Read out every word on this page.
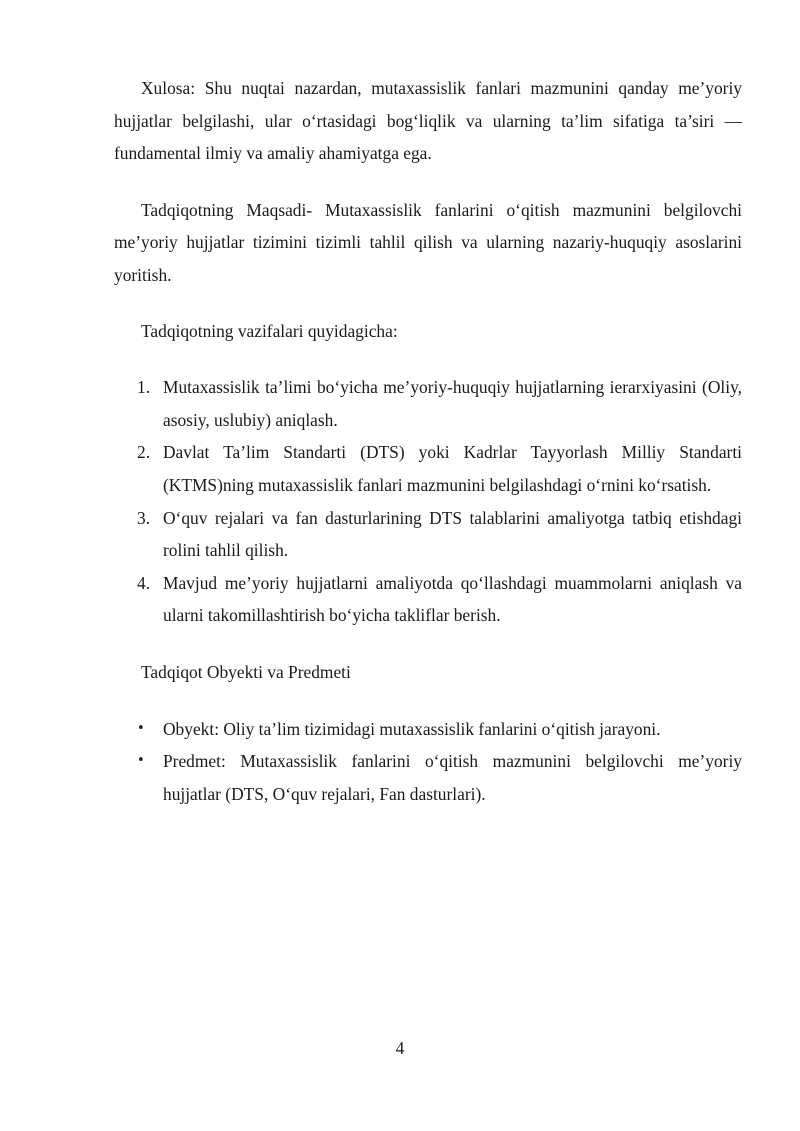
Xulosa: Shu nuqtai nazardan, mutaxassislik fanlari mazmunini qanday me’yoriy hujjatlar belgilashi, ular o‘rtasidagi bog‘liqlik va ularning ta’lim sifatiga ta’siri — fundamental ilmiy va amaliy ahamiyatga ega.

Tadqiqotning Maqsadi- Mutaxassislik fanlarini o‘qitish mazmunini belgilovchi me’yoriy hujjatlar tizimini tizimli tahlil qilish va ularning nazariy-huquqiy asoslarini yoritish.

Tadqiqotning vazifalari quyidagicha:

1. Mutaxassislik ta’limi bo‘yicha me’yoriy-huquqiy hujjatlarning ierarxiyasini (Oliy, asosiy, uslubiy) aniqlash.
2. Davlat Ta’lim Standarti (DTS) yoki Kadrlar Tayyorlash Milliy Standarti (KTMS)ning mutaxassislik fanlari mazmunini belgilashdagi o‘rnini ko‘rsatish.
3. O‘quv rejalari va fan dasturlarining DTS talablarini amaliyotga tatbiq etishdagi rolini tahlil qilish.
4. Mavjud me’yoriy hujjatlarni amaliyotda qo‘llashdagi muammolarni aniqlash va ularni takomillashtirish bo‘yicha takliflar berish.

Tadqiqot Obyekti va Predmeti

• Obyekt: Oliy ta’lim tizimidagi mutaxassislik fanlarini o‘qitish jarayoni.
• Predmet: Mutaxassislik fanlarini o‘qitish mazmunini belgilovchi me’yoriy hujjatlar (DTS, O‘quv rejalari, Fan dasturlari).
4
